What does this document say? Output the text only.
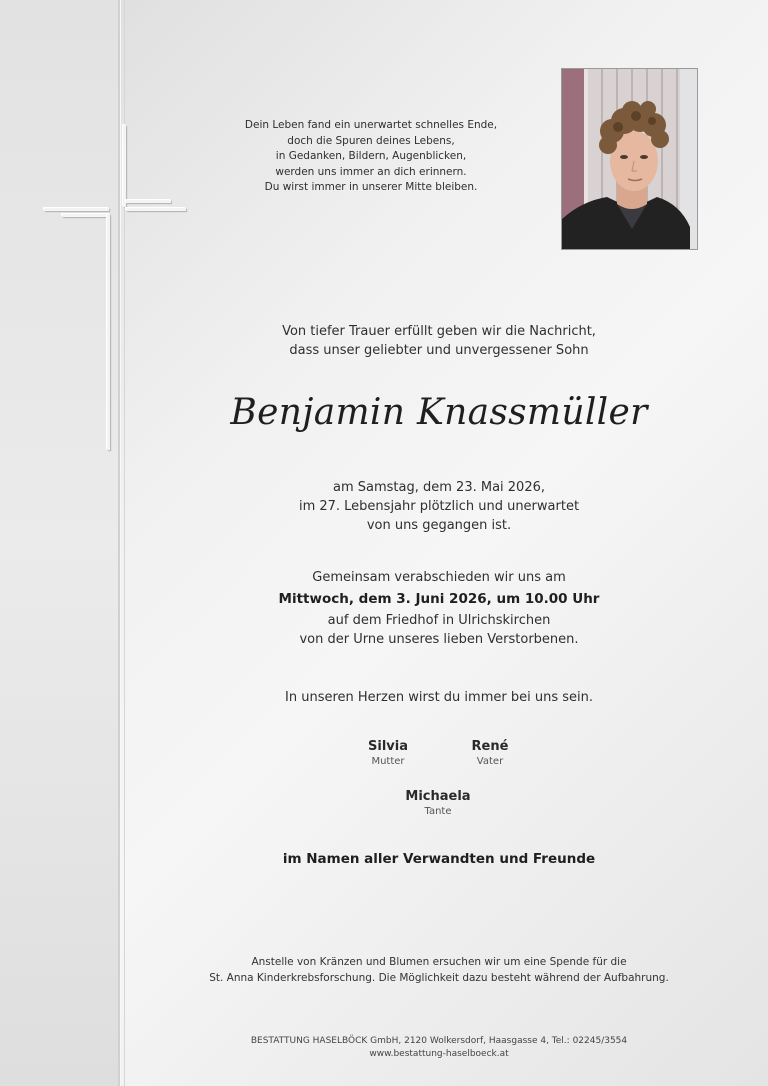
Dein Leben fand ein unerwartet schnelles Ende,
doch die Spuren deines Lebens,
in Gedanken, Bildern, Augenblicken,
werden uns immer an dich erinnern.
Du wirst immer in unserer Mitte bleiben.
Von tiefer Trauer erfüllt geben wir die Nachricht,
dass unser geliebter und unvergessener Sohn
Benjamin Knassmüller
am Samstag, dem 23. Mai 2026,
im 27. Lebensjahr plötzlich und unerwartet
von uns gegangen ist.
Gemeinsam verabschieden wir uns am
Mittwoch, dem 3. Juni 2026, um 10.00 Uhr
auf dem Friedhof in Ulrichskirchen
von der Urne unseres lieben Verstorbenen.
In unseren Herzen wirst du immer bei uns sein.
Silvia
Mutter
René
Vater
Michaela
Tante
im Namen aller Verwandten und Freunde
Anstelle von Kränzen und Blumen ersuchen wir um eine Spende für die
St. Anna Kinderkrebsforschung. Die Möglichkeit dazu besteht während der Aufbahrung.
BESTATTUNG HASELBÖCK GmbH, 2120 Wolkersdorf, Haasgasse 4, Tel.: 02245/3554
www.bestattung-haselboeck.at
